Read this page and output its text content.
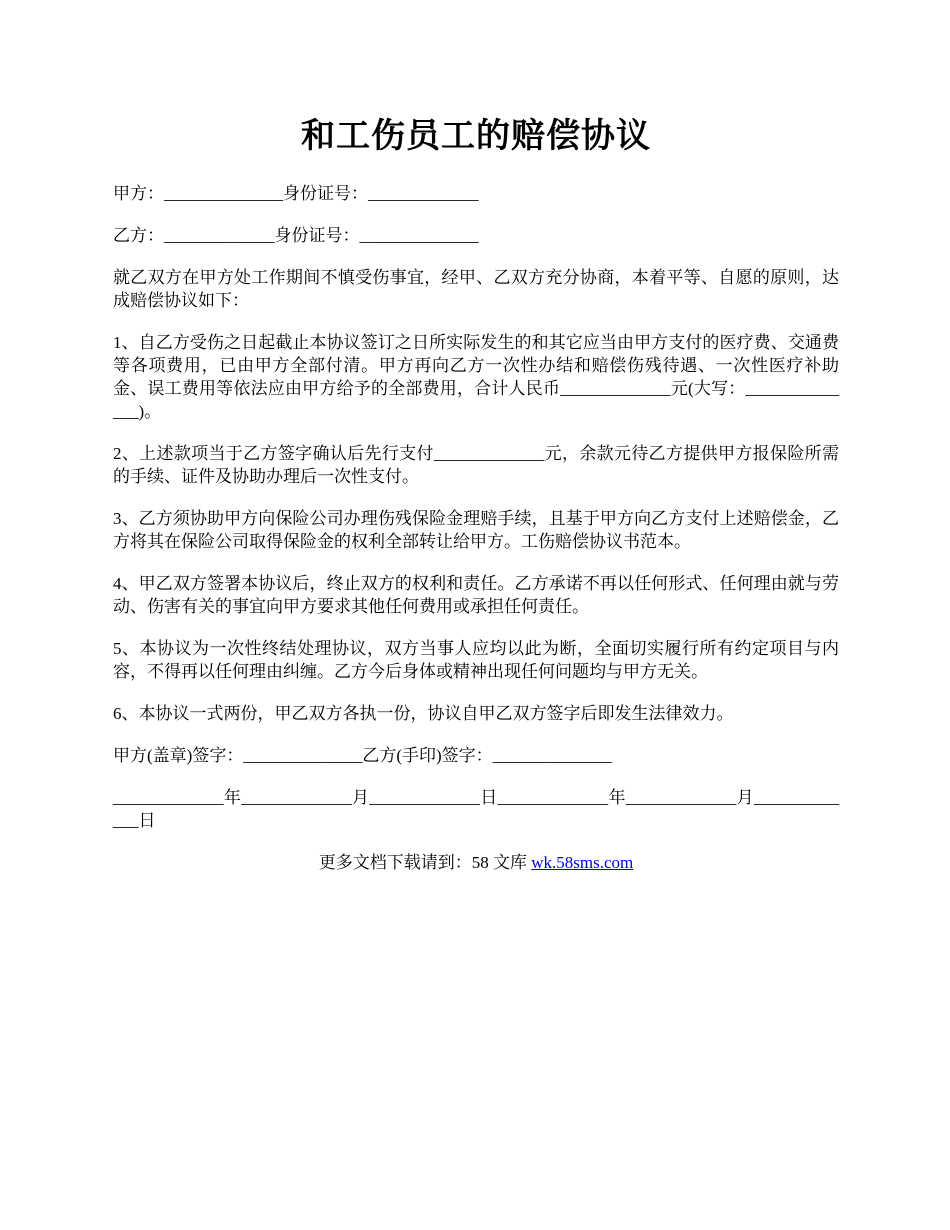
和工伤员工的赔偿协议

甲方：______________身份证号：_____________

乙方：_____________身份证号：______________

就乙双方在甲方处工作期间不慎受伤事宜，经甲、乙双方充分协商，本着平等、自愿的原则，达成赔偿协议如下：

1、自乙方受伤之日起截止本协议签订之日所实际发生的和其它应当由甲方支付的医疗费、交通费等各项费用，已由甲方全部付清。甲方再向乙方一次性办结和赔偿伤残待遇、一次性医疗补助金、误工费用等依法应由甲方给予的全部费用，合计人民币_____________元(大写：______________)。

2、上述款项当于乙方签字确认后先行支付_____________元，余款元待乙方提供甲方报保险所需的手续、证件及协助办理后一次性支付。

3、乙方须协助甲方向保险公司办理伤残保险金理赔手续，且基于甲方向乙方支付上述赔偿金，乙方将其在保险公司取得保险金的权利全部转让给甲方。工伤赔偿协议书范本。

4、甲乙双方签署本协议后，终止双方的权利和责任。乙方承诺不再以任何形式、任何理由就与劳动、伤害有关的事宜向甲方要求其他任何费用或承担任何责任。

5、本协议为一次性终结处理协议，双方当事人应均以此为断，全面切实履行所有约定项目与内容，不得再以任何理由纠缠。乙方今后身体或精神出现任何问题均与甲方无关。

6、本协议一式两份，甲乙双方各执一份，协议自甲乙双方签字后即发生法律效力。

甲方(盖章)签字：______________乙方(手印)签字：______________

_____________年_____________月_____________日_____________年_____________月_____________日

更多文档下载请到：58 文库 wk.58sms.com
